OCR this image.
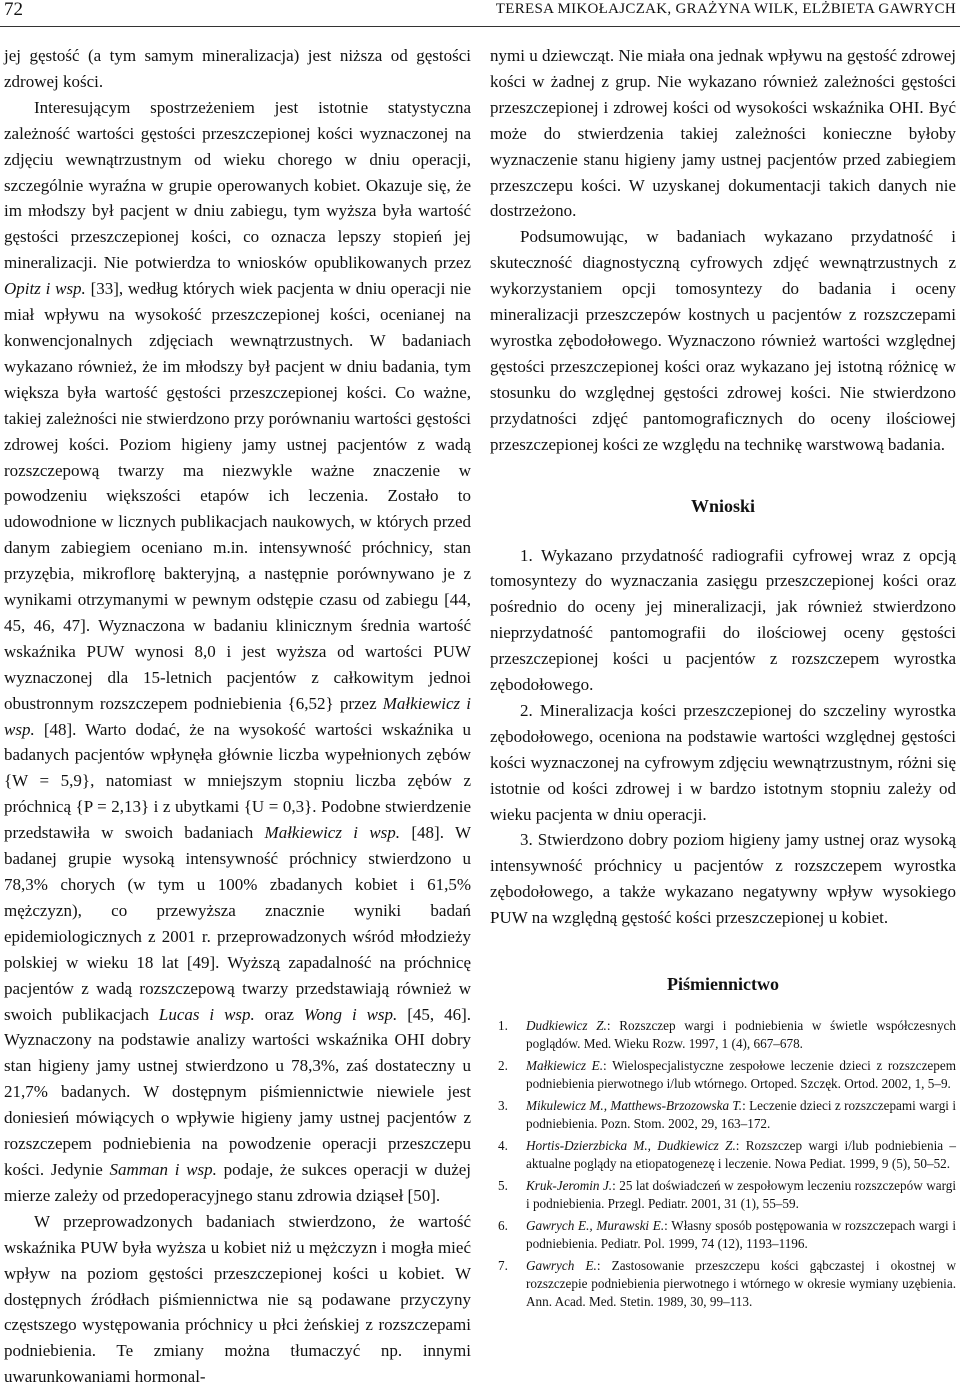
72	TERESA MIKOŁAJCZAK, GRAŻYNA WILK, ELŻBIETA GAWRYCH

jej gęstość (a tym samym mineralizacja) jest niższa od gęstości zdrowej kości.

Interesującym spostrzeżeniem jest istotnie statystyczna zależność wartości gęstości przeszczepionej kości wyznaczonej na zdjęciu wewnątrzustnym od wieku chorego w dniu operacji, szczególnie wyraźna w grupie operowanych kobiet. Okazuje się, że im młodszy był pacjent w dniu zabiegu, tym wyższa była wartość gęstości przeszczepionej kości, co oznacza lepszy stopień jej mineralizacji. Nie potwierdza to wniosków opublikowanych przez Opitz i wsp. [33], według których wiek pacjenta w dniu operacji nie miał wpływu na wysokość przeszczepionej kości, ocenianej na konwencjonalnych zdjęciach wewnątrzustnych. W badaniach wykazano również, że im młodszy był pacjent w dniu badania, tym większa była wartość gęstości przeszczepionej kości. Co ważne, takiej zależności nie stwierdzono przy porównaniu wartości gęstości zdrowej kości. Poziom higieny jamy ustnej pacjentów z wadą rozszczepową twarzy ma niezwykle ważne znaczenie w powodzeniu większości etapów ich leczenia. Zostało to udowodnione w licznych publikacjach naukowych, w których przed danym zabiegiem oceniano m.in. intensywność próchnicy, stan przyzębia, mikroflorę bakteryjną, a następnie porównywano je z wynikami otrzymanymi w pewnym odstępie czasu od zabiegu [44, 45, 46, 47]. Wyznaczona w badaniu klinicznym średnia wartość wskaźnika PUW wynosi 8,0 i jest wyższa od wartości PUW wyznaczonej dla 15-letnich pacjentów z całkowitym jednoi obustronnym rozszczepem podniebienia {6,52} przez Małkiewicz i wsp. [48]. Warto dodać, że na wysokość wartości wskaźnika u badanych pacjentów wpłynęła głównie liczba wypełnionych zębów {W = 5,9}, natomiast w mniejszym stopniu liczba zębów z próchnicą {P = 2,13} i z ubytkami {U = 0,3}. Podobne stwierdzenie przedstawiła w swoich badaniach Małkiewicz i wsp. [48]. W badanej grupie wysoką intensywność próchnicy stwierdzono u 78,3% chorych (w tym u 100% zbadanych kobiet i 61,5% mężczyzn), co przewyższa znacznie wyniki badań epidemiologicznych z 2001 r. przeprowadzonych wśród młodzieży polskiej w wieku 18 lat [49]. Wyższą zapadalność na próchnicę pacjentów z wadą rozszczepową twarzy przedstawiają również w swoich publikacjach Lucas i wsp. oraz Wong i wsp. [45, 46]. Wyznaczony na podstawie analizy wartości wskaźnika OHI dobry stan higieny jamy ustnej stwierdzono u 78,3%, zaś dostateczny u 21,7% badanych. W dostępnym piśmiennictwie niewiele jest doniesień mówiących o wpływie higieny jamy ustnej pacjentów z rozszczepem podniebienia na powodzenie operacji przeszczepu kości. Jedynie Samman i wsp. podaje, że sukces operacji w dużej mierze zależy od przedoperacyjnego stanu zdrowia dziąseł [50].

W przeprowadzonych badaniach stwierdzono, że wartość wskaźnika PUW była wyższa u kobiet niż u mężczyzn i mogła mieć wpływ na poziom gęstości przeszczepionej kości u kobiet. W dostępnych źródłach piśmiennictwa nie są podawane przyczyny częstszego występowania próchnicy u płci żeńskiej z rozszczepami podniebienia. Te zmiany można tłumaczyć np. innymi uwarunkowaniami hormonal-

nymi u dziewcząt. Nie miała ona jednak wpływu na gęstość zdrowej kości w żadnej z grup. Nie wykazano również zależności gęstości przeszczepionej i zdrowej kości od wysokości wskaźnika OHI. Być może do stwierdzenia takiej zależności konieczne byłoby wyznaczenie stanu higieny jamy ustnej pacjentów przed zabiegiem przeszczepu kości. W uzyskanej dokumentacji takich danych nie dostrzeżono.

Podsumowując, w badaniach wykazano przydatność i skuteczność diagnostyczną cyfrowych zdjęć wewnątrzustnych z wykorzystaniem opcji tomosyntezy do badania i oceny mineralizacji przeszczepów kostnych u pacjentów z rozszczepami wyrostka zębodołowego. Wyznaczono również wartości względnej gęstości przeszczepionej kości oraz wykazano jej istotną różnicę w stosunku do względnej gęstości zdrowej kości. Nie stwierdzono przydatności zdjęć pantomograficznych do oceny ilościowej przeszczepionej kości ze względu na technikę warstwową badania.

Wnioski

1. Wykazano przydatność radiografii cyfrowej wraz z opcją tomosyntezy do wyznaczania zasięgu przeszczepionej kości oraz pośrednio do oceny jej mineralizacji, jak również stwierdzono nieprzydatność pantomografii do ilościowej oceny gęstości przeszczepionej kości u pacjentów z rozszczepem wyrostka zębodołowego.

2. Mineralizacja kości przeszczepionej do szczeliny wyrostka zębodołowego, oceniona na podstawie wartości względnej gęstości kości wyznaczonej na cyfrowym zdjęciu wewnątrzustnym, różni się istotnie od kości zdrowej i w bardzo istotnym stopniu zależy od wieku pacjenta w dniu operacji.

3. Stwierdzono dobry poziom higieny jamy ustnej oraz wysoką intensywność próchnicy u pacjentów z rozszczepem wyrostka zębodołowego, a także wykazano negatywny wpływ wysokiego PUW na względną gęstość kości przeszczepionej u kobiet.

Piśmiennictwo
1. Dudkiewicz Z.: Rozszczep wargi i podniebienia w świetle współczesnych poglądów. Med. Wieku Rozw. 1997, 1 (4), 667–678.
2. Małkiewicz E.: Wielospecjalistyczne zespołowe leczenie dzieci z rozszczepem podniebienia pierwotnego i/lub wtórnego. Ortoped. Szczęk. Ortod. 2002, 1, 5–9.
3. Mikulewicz M., Matthews-Brzozowska T.: Leczenie dzieci z rozszczepami wargi i podniebienia. Pozn. Stom. 2002, 29, 163–172.
4. Hortis-Dzierzbicka M., Dudkiewicz Z.: Rozszczep wargi i/lub podniebienia – aktualne poglądy na etiopatogenezę i leczenie. Nowa Pediat. 1999, 9 (5), 50–52.
5. Kruk-Jeromin J.: 25 lat doświadczeń w zespołowym leczeniu rozszczepów wargi i podniebienia. Przegl. Pediatr. 2001, 31 (1), 55–59.
6. Gawrych E., Murawski E.: Własny sposób postępowania w rozszczepach wargi i podniebienia. Pediatr. Pol. 1999, 74 (12), 1193–1196.
7. Gawrych E.: Zastosowanie przeszczepu kości gąbczastej i okostnej w rozszczepie podniebienia pierwotnego i wtórnego w okresie wymiany uzębienia. Ann. Acad. Med. Stetin. 1989, 30, 99–113.
